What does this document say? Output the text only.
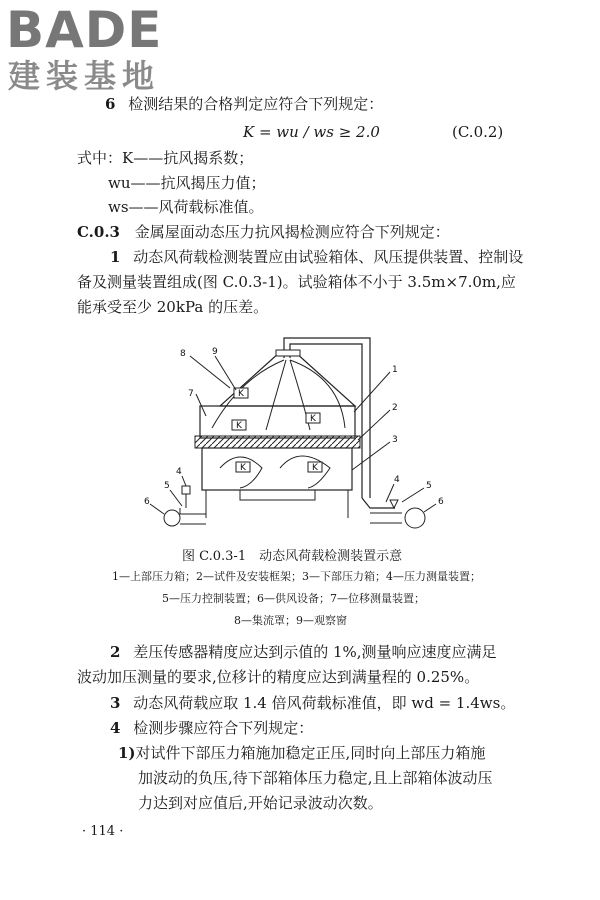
BADE
建装基地
6 检测结果的合格判定应符合下列规定：
K = wu / ws ≥ 2.0	(C.0.2)
式中：K——抗风揭系数；
wu——抗风揭压力值；
ws——风荷载标准值。
C.0.3 金属屋面动态压力抗风揭检测应符合下列规定：
1 动态风荷载检测装置应由试验箱体、风压提供装置、控制设
备及测量装置组成(图 C.0.3-1)。试验箱体不小于 3.5m×7.0m,应
能承受至少 20kPa 的压差。
K
K
K
K	K
8	9
7
1
2
3
4
5
6
4
5
6
图 C.0.3-1　动态风荷载检测装置示意
1—上部压力箱；2—试件及安装框架；3—下部压力箱；4—压力测量装置；
5—压力控制装置；6—供风设备；7—位移测量装置；
8—集流罩；9—观察窗
2 差压传感器精度应达到示值的 1%,测量响应速度应满足
波动加压测量的要求,位移计的精度应达到满量程的 0.25%。
3 动态风荷载应取 1.4 倍风荷载标准值，即 wd = 1.4ws。
4 检测步骤应符合下列规定：
1)对试件下部压力箱施加稳定正压,同时向上部压力箱施
加波动的负压,待下部箱体压力稳定,且上部箱体波动压
力达到对应值后,开始记录波动次数。
· 114 ·
